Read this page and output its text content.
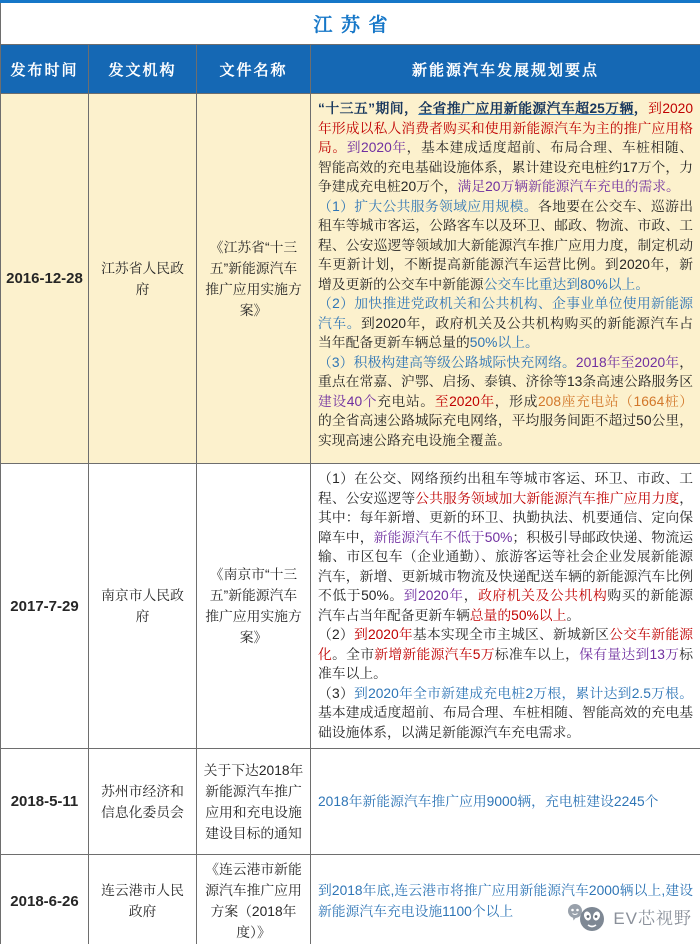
江苏省			
发布时间	发文机构	文件名称	新能源汽车发展规划要点
2016-12-28	江苏省人民政府	《江苏省“十三五”新能源汽车推广应用实施方案》	“十三五”期间，全省推广应用新能源汽车超25万辆，到2020年形成以私人消费者购买和使用新能源汽车为主的推广应用格局。到2020年，基本建成适度超前、布局合理、车桩相随、智能高效的充电基础设施体系，累计建设充电桩约17万个，力争建成充电桩20万个，满足20万辆新能源汽车充电的需求。

（1）扩大公共服务领域应用规模。各地要在公交车、巡游出租车等城市客运，公路客车以及环卫、邮政、物流、市政、工程、公安巡逻等领域加大新能源汽车推广应用力度，制定机动车更新计划，不断提高新能源汽车运营比例。到2020年，新增及更新的公交车中新能源公交车比重达到80%以上。

（2）加快推进党政机关和公共机构、企事业单位使用新能源汽车。到2020年，政府机关及公共机构购买的新能源汽车占当年配备更新车辆总量的50%以上。

（3）积极构建高等级公路城际快充网络。2018年至2020年，重点在常嘉、沪鄂、启扬、泰镇、济徐等13条高速公路服务区建设40个充电站。至2020年，形成208座充电站（1664桩）的全省高速公路城际充电网络，平均服务间距不超过50公里，实现高速公路充电设施全覆盖。

2017-7-29	南京市人民政府	《南京市“十三五”新能源汽车推广应用实施方案》	（1）在公交、网络预约出租车等城市客运、环卫、市政、工程、公安巡逻等公共服务领域加大新能源汽车推广应用力度，其中：每年新增、更新的环卫、执勤执法、机要通信、定向保障车中，新能源汽车不低于50%；积极引导邮政快递、物流运输、市区包车（企业通勤）、旅游客运等社会企业发展新能源汽车，新增、更新城市物流及快递配送车辆的新能源汽车比例不低于50%。到2020年，政府机关及公共机构购买的新能源汽车占当年配备更新车辆总量的50%以上。

（2）到2020年基本实现全市主城区、新城新区公交车新能源化。全市新增新能源汽车5万标准车以上，保有量达到13万标准车以上。

（3）到2020年全市新建成充电桩2万根，累计达到2.5万根。基本建成适度超前、布局合理、车桩相随、智能高效的充电基础设施体系，以满足新能源汽车充电需求。

2018-5-11	苏州市经济和信息化委员会	关于下达2018年新能源汽车推广应用和充电设施建设目标的通知	2018年新能源汽车推广应用9000辆，充电桩建设2245个

2018-6-26	连云港市人民政府	《连云港市新能源汽车推广应用方案（2018年度）》	到2018年底,连云港市将推广应用新能源汽车2000辆以上,建设新能源汽车充电设施1100个以上	EV芯视野
